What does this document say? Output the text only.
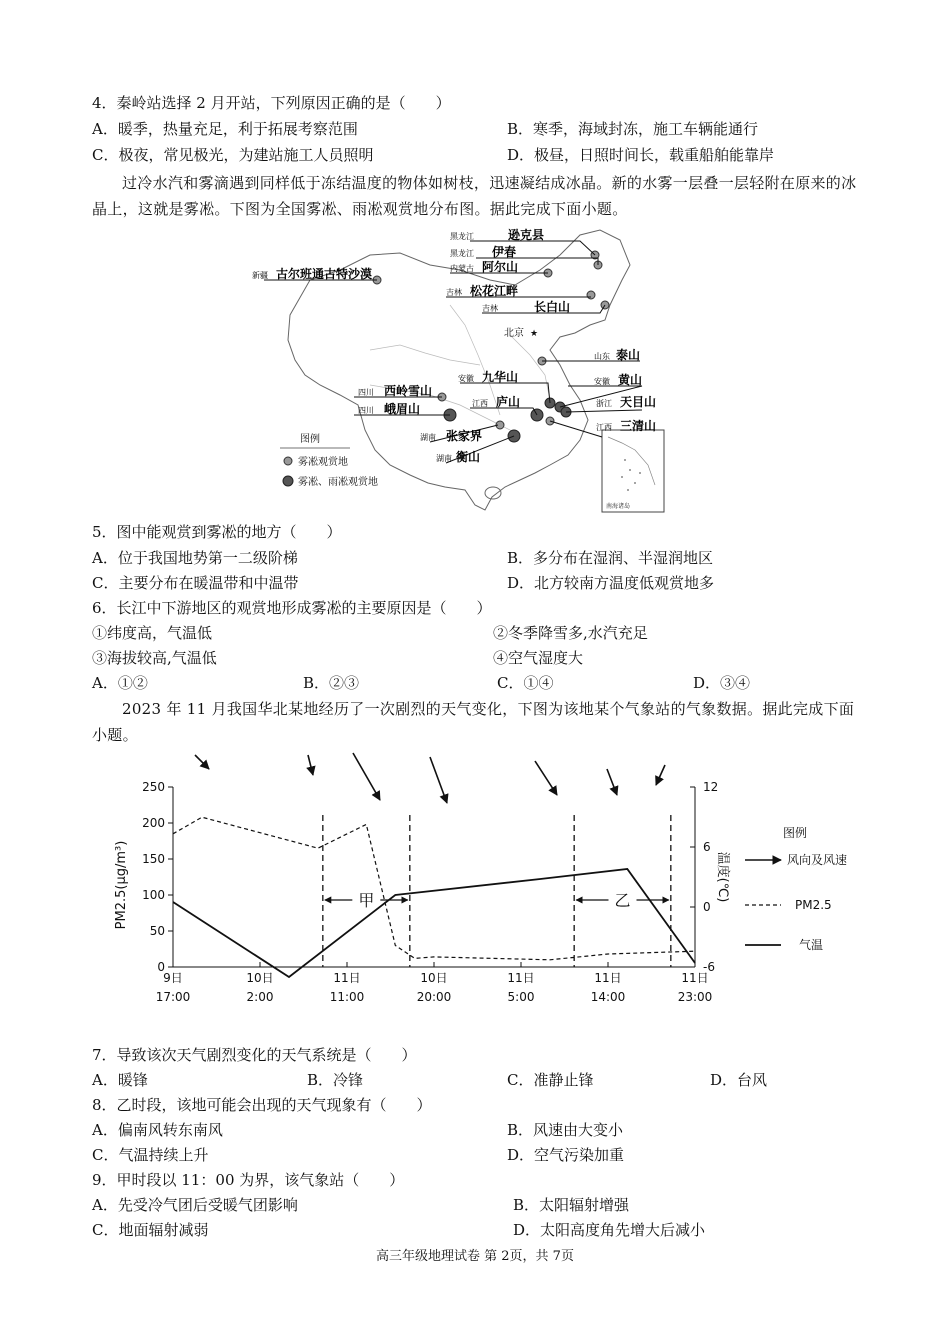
4．秦岭站选择 2 月开站，下列原因正确的是（　　）
A．暖季，热量充足，利于拓展考察范围	B．寒季，海域封冻，施工车辆能通行
C．极夜，常见极光，为建站施工人员照明	D．极昼，日照时间长，载重船舶能靠岸
过冷水汽和雾滴遇到同样低于冻结温度的物体如树枝，迅速凝结成冰晶。新的水雾一层叠一层轻附在原来的冰晶上，这就是雾凇。下图为全国雾凇、雨凇观赏地分布图。据此完成下面小题。
南海诸岛
黑龙江	逊克县
黑龙江 伊春
内蒙古 阿尔山
吉林 松花江畔
吉林	长白山
新疆 古尔班通古特沙漠
山东 泰山
安徽 九华山	安徽 黄山
四川 西岭雪山
四川 峨眉山	江西 庐山	浙江 天目山
江西 三清山
湖南 张家界
湖南 衡山
北京 ★
图例
雾凇观赏地
雾凇、雨凇观赏地
5．图中能观赏到雾凇的地方（　　）
A．位于我国地势第一二级阶梯	B．多分布在湿润、半湿润地区
C．主要分布在暖温带和中温带	D．北方较南方温度低观赏地多
6．长江中下游地区的观赏地形成雾凇的主要原因是（　　）
①纬度高，气温低	②冬季降雪多,水汽充足
③海拔较高,气温低	④空气湿度大
A．①②	B．②③	C．①④	D．③④
2023 年 11 月我国华北某地经历了一次剧烈的天气变化，下图为该地某个气象站的气象数据。据此完成下面小题。
250
200
150
100
50
0
12
6
0
-6
9日
17:00
10日
2:00
11日
11:00
10日
20:00
11日
5:00
11日
14:00
11日
23:00
甲	乙
PM2.5(μg/m³)	温度(℃)
图例
风向及风速
PM2.5
气温
7．导致该次天气剧烈变化的天气系统是（　　）
A．暖锋	B．冷锋	C．准静止锋	D．台风
8．乙时段，该地可能会出现的天气现象有（　　）
A．偏南风转东南风	B．风速由大变小
C．气温持续上升	D．空气污染加重
9．甲时段以 11：00 为界，该气象站（　　）
A．先受冷气团后受暖气团影响	B．太阳辐射增强
C．地面辐射减弱	D．太阳高度角先增大后减小
高三年级地理试卷 第 2页，共 7页
